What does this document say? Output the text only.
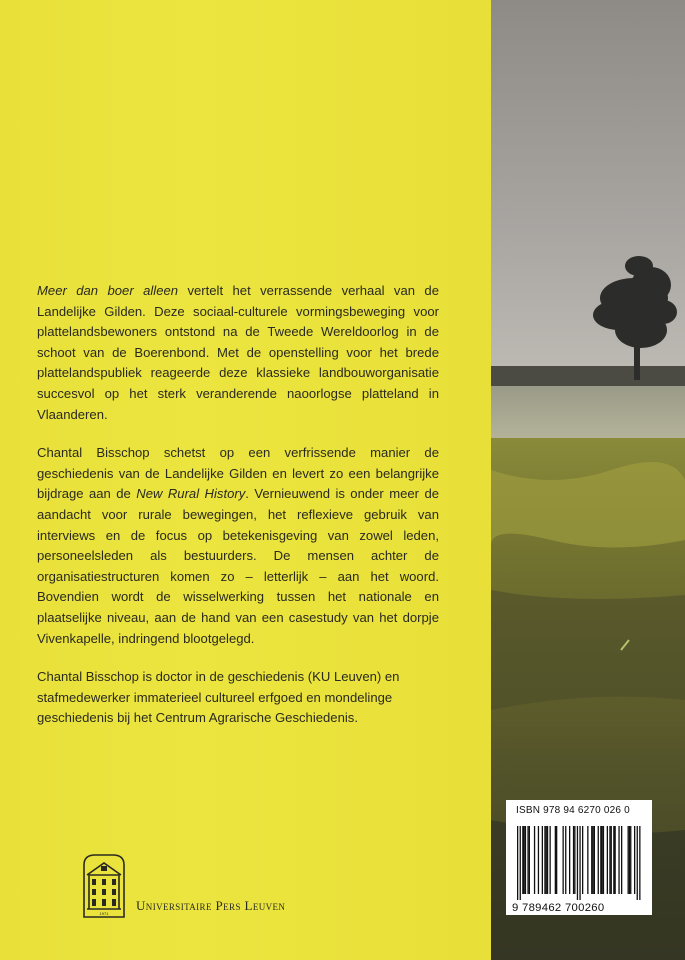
Meer dan boer alleen vertelt het verrassende verhaal van de Landelijke Gilden. Deze sociaal-culturele vormingsbeweging voor plattelandsbewoners ontstond na de Tweede Wereldoorlog in de schoot van de Boerenbond. Met de openstelling voor het brede plattelandspubliek reageerde deze klassieke landbouworganisatie succesvol op het sterk veranderende naoorlogse platteland in Vlaanderen.

Chantal Bisschop schetst op een verfrissende manier de geschiedenis van de Landelijke Gilden en levert zo een belangrijke bijdrage aan de New Rural History. Vernieuwend is onder meer de aandacht voor rurale bewegingen, het reflexieve gebruik van interviews en de focus op betekenisgeving van zowel leden, personeelsleden als bestuurders. De mensen achter de organisatiestructuren komen zo – letterlijk – aan het woord. Bovendien wordt de wisselwerking tussen het nationale en plaatselijke niveau, aan de hand van een casestudy van het dorpje Vivenkapelle, indringend blootgelegd.

Chantal Bisschop is doctor in de geschiedenis (KU Leuven) en stafmedewerker immaterieel cultureel erfgoed en mondelinge geschiedenis bij het Centrum Agrarische Geschiedenis.

1971
Universitaire Pers Leuven
ISBN 978 94 6270 026 0
9 789462 700260
